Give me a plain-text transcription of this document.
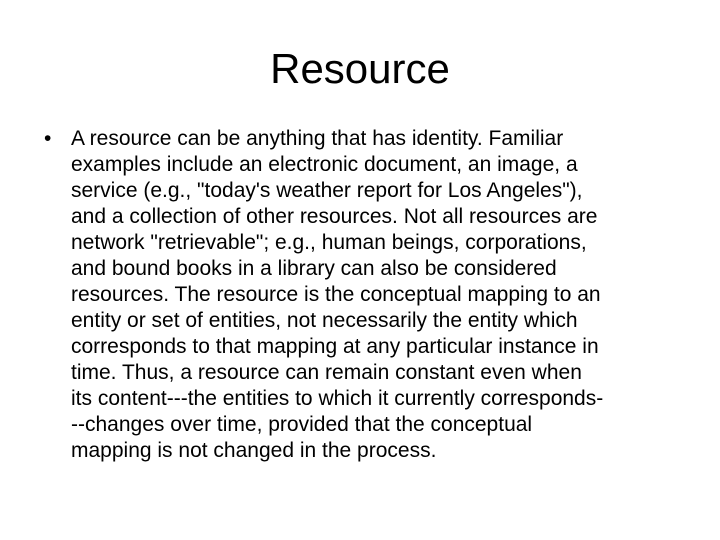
Resource
• A resource can be anything that has identity. Familiar
examples include an electronic document, an image, a
service (e.g., "today's weather report for Los Angeles"),
and a collection of other resources. Not all resources are
network "retrievable"; e.g., human beings, corporations,
and bound books in a library can also be considered
resources. The resource is the conceptual mapping to an
entity or set of entities, not necessarily the entity which
corresponds to that mapping at any particular instance in
time. Thus, a resource can remain constant even when
its content---the entities to which it currently corresponds-
--changes over time, provided that the conceptual
mapping is not changed in the process.
